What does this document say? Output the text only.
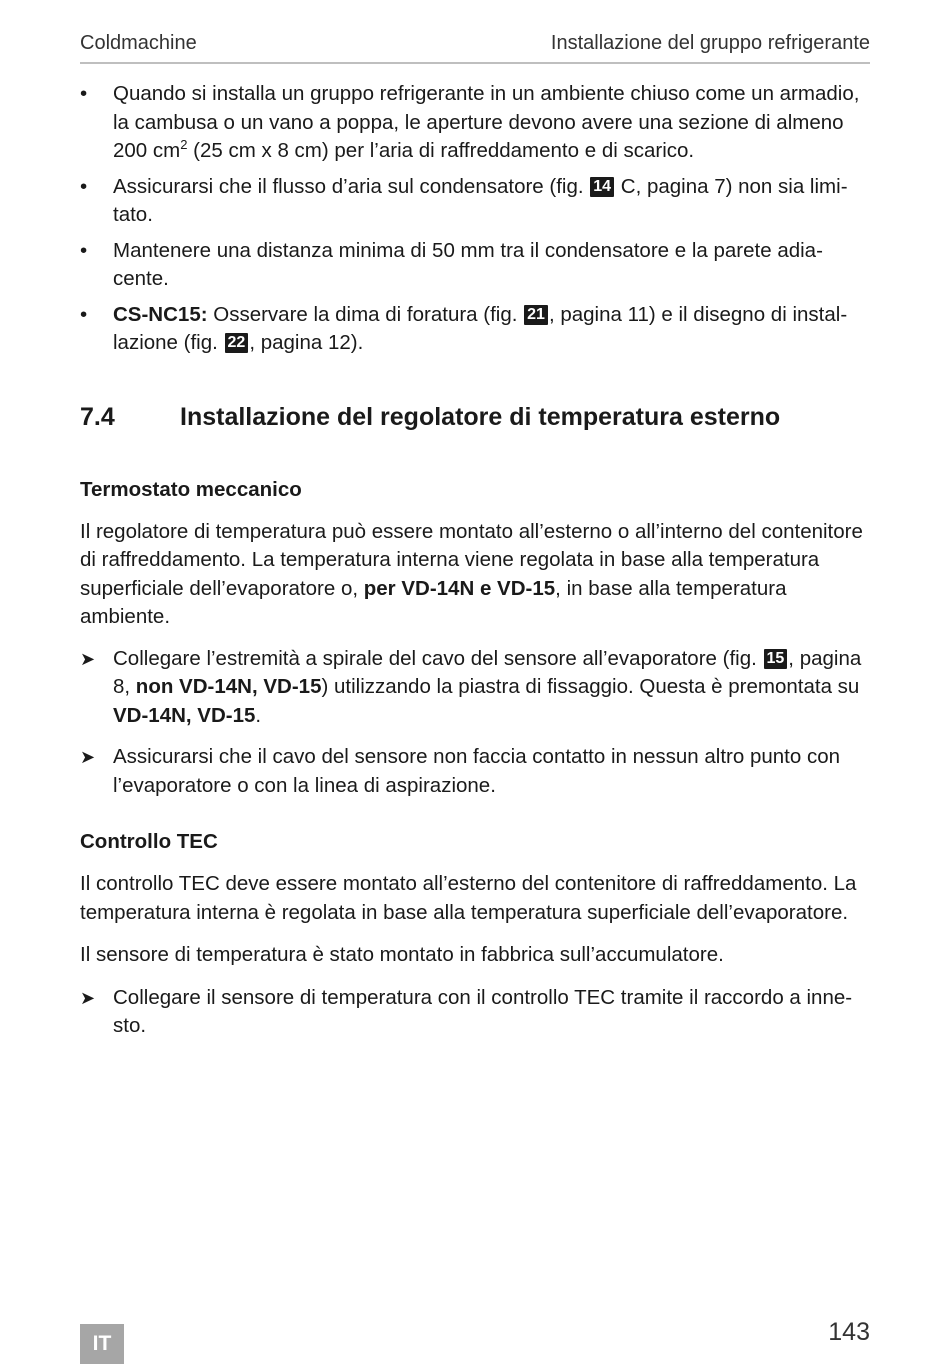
Coldmachine	Installazione del gruppo refrigerante
• Quando si installa un gruppo refrigerante in un ambiente chiuso come un armadio, la cambusa o un vano a poppa, le aperture devono avere una sezione di almeno 200 $cm^2$ (25 cm x 8 cm) per l’aria di raffreddamento e di scarico.
• Assicurarsi che il flusso d’aria sul condensatore (fig. 14 C, pagina 7) non sia limitato.
• Mantenere una distanza minima di 50 mm tra il condensatore e la parete adiacente.
• CS-NC15: Osservare la dima di foratura (fig. 21 , pagina 11) e il disegno di installazione (fig. 22 , pagina 12).
7.4	Installazione del regolatore di temperatura esterno
Termostato meccanico
Il regolatore di temperatura può essere montato all’esterno o all’interno del contenitore di raffreddamento. La temperatura interna viene regolata in base alla temperatura superficiale dell’evaporatore o, per VD-14N e VD-15, in base alla temperatura ambiente.
➤ Collegare l’estremità a spirale del cavo del sensore all’evaporatore (fig. 15 , pagina 8, non VD-14N, VD-15) utilizzando la piastra di fissaggio. Questa è premontata su VD-14N, VD-15.
➤ Assicurarsi che il cavo del sensore non faccia contatto in nessun altro punto con l’evaporatore o con la linea di aspirazione.
Controllo TEC
Il controllo TEC deve essere montato all’esterno del contenitore di raffreddamento. La temperatura interna è regolata in base alla temperatura superficiale dell’evaporatore.
Il sensore di temperatura è stato montato in fabbrica sull’accumulatore.
➤ Collegare il sensore di temperatura con il controllo TEC tramite il raccordo a innesto.
IT	143
